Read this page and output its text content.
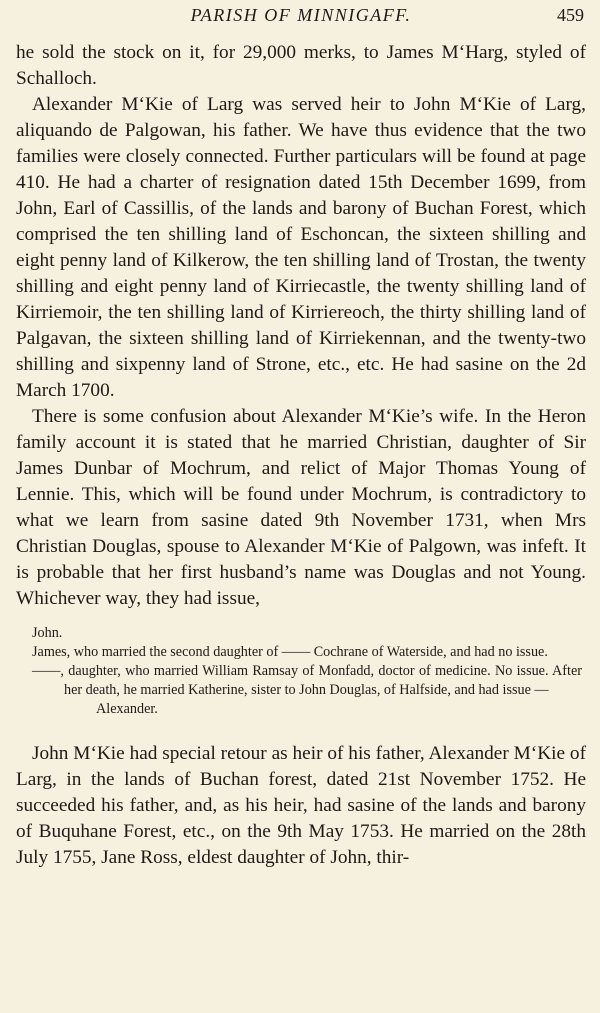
PARISH OF MINNIGAFF.	459

he sold the stock on it, for 29,000 merks, to James M‘Harg, styled of Schalloch.

Alexander M‘Kie of Larg was served heir to John M‘Kie of Larg, aliquando de Palgowan, his father. We have thus evidence that the two families were closely connected. Further particulars will be found at page 410. He had a charter of resignation dated 15th December 1699, from John, Earl of Cassillis, of the lands and barony of Buchan Forest, which comprised the ten shilling land of Eschoncan, the sixteen shilling and eight penny land of Kilkerow, the ten shilling land of Trostan, the twenty shilling and eight penny land of Kirriecastle, the twenty shilling land of Kirriemoir, the ten shilling land of Kirriereoch, the thirty shilling land of Palgavan, the sixteen shilling land of Kirriekennan, and the twenty-two shilling and sixpenny land of Strone, etc., etc. He had sasine on the 2d March 1700.

There is some confusion about Alexander M‘Kie’s wife. In the Heron family account it is stated that he married Christian, daughter of Sir James Dunbar of Mochrum, and relict of Major Thomas Young of Lennie. This, which will be found under Mochrum, is contradictory to what we learn from sasine dated 9th November 1731, when Mrs Christian Douglas, spouse to Alexander M‘Kie of Palgown, was infeft. It is probable that her first husband’s name was Douglas and not Young. Whichever way, they had issue,

John.

James, who married the second daughter of —— Cochrane of Waterside, and had no issue.

——, daughter, who married William Ramsay of Monfadd, doctor of medicine. No issue. After her death, he married Katherine, sister to John Douglas, of Halfside, and had issue —

Alexander.

John M‘Kie had special retour as heir of his father, Alexander M‘Kie of Larg, in the lands of Buchan forest, dated 21st November 1752. He succeeded his father, and, as his heir, had sasine of the lands and barony of Buquhane Forest, etc., on the 9th May 1753. He married on the 28th July 1755, Jane Ross, eldest daughter of John, thir-
